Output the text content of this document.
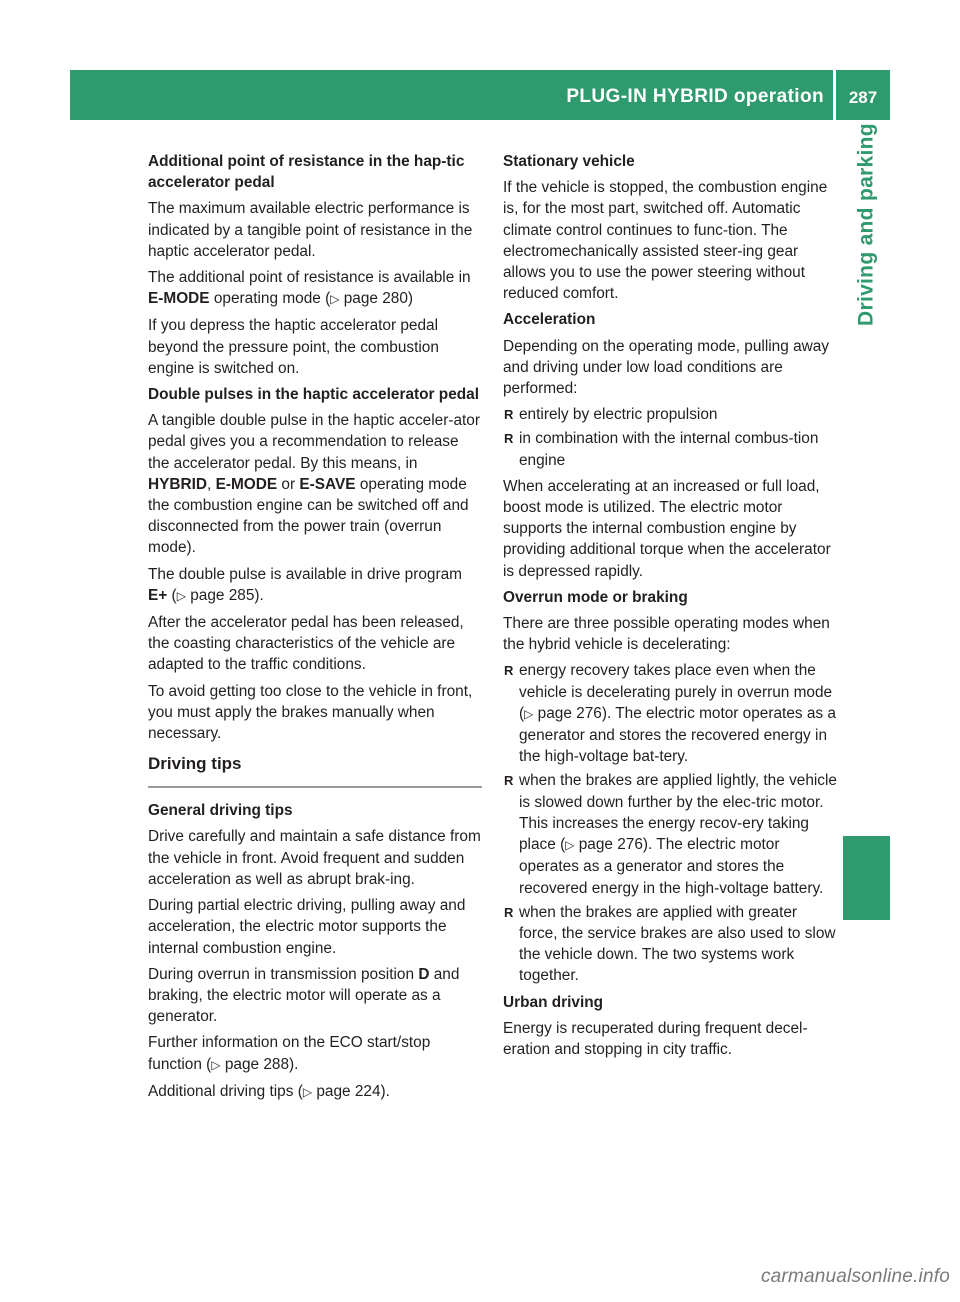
PLUG-IN HYBRID operation	287
Driving and parking
Additional point of resistance in the hap-tic accelerator pedal

The maximum available electric performance is indicated by a tangible point of resistance in the haptic accelerator pedal.

The additional point of resistance is available in E-MODE operating mode (▷ page 280)

If you depress the haptic accelerator pedal beyond the pressure point, the combustion engine is switched on.

Double pulses in the haptic accelerator pedal

A tangible double pulse in the haptic acceler-ator pedal gives you a recommendation to release the accelerator pedal. By this means, in HYBRID, E-MODE or E-SAVE operating mode the combustion engine can be switched off and disconnected from the power train (overrun mode).

The double pulse is available in drive program E+ (▷ page 285).

After the accelerator pedal has been released, the coasting characteristics of the vehicle are adapted to the traffic conditions.

To avoid getting too close to the vehicle in front, you must apply the brakes manually when necessary.

Driving tips
General driving tips

Drive carefully and maintain a safe distance from the vehicle in front. Avoid frequent and sudden acceleration as well as abrupt brak-ing.

During partial electric driving, pulling away and acceleration, the electric motor supports the internal combustion engine.

During overrun in transmission position D and braking, the electric motor will operate as a generator.

Further information on the ECO start/stop function (▷ page 288).

Additional driving tips (▷ page 224).

Stationary vehicle

If the vehicle is stopped, the combustion engine is, for the most part, switched off. Automatic climate control continues to func-tion. The electromechanically assisted steer-ing gear allows you to use the power steering without reduced comfort.

Acceleration

Depending on the operating mode, pulling away and driving under low load conditions are performed:

R entirely by electric propulsion
R in combination with the internal combus-tion engine

When accelerating at an increased or full load, boost mode is utilized. The electric motor supports the internal combustion engine by providing additional torque when the accelerator is depressed rapidly.

Overrun mode or braking

There are three possible operating modes when the hybrid vehicle is decelerating:

R energy recovery takes place even when the vehicle is decelerating purely in overrun mode (▷ page 276). The electric motor operates as a generator and stores the recovered energy in the high-voltage bat-tery.
R when the brakes are applied lightly, the vehicle is slowed down further by the elec-tric motor. This increases the energy recov-ery taking place (▷ page 276). The electric motor operates as a generator and stores the recovered energy in the high-voltage battery.
R when the brakes are applied with greater force, the service brakes are also used to slow the vehicle down. The two systems work together.
Urban driving

Energy is recuperated during frequent decel-eration and stopping in city traffic.

carmanualsonline.info
